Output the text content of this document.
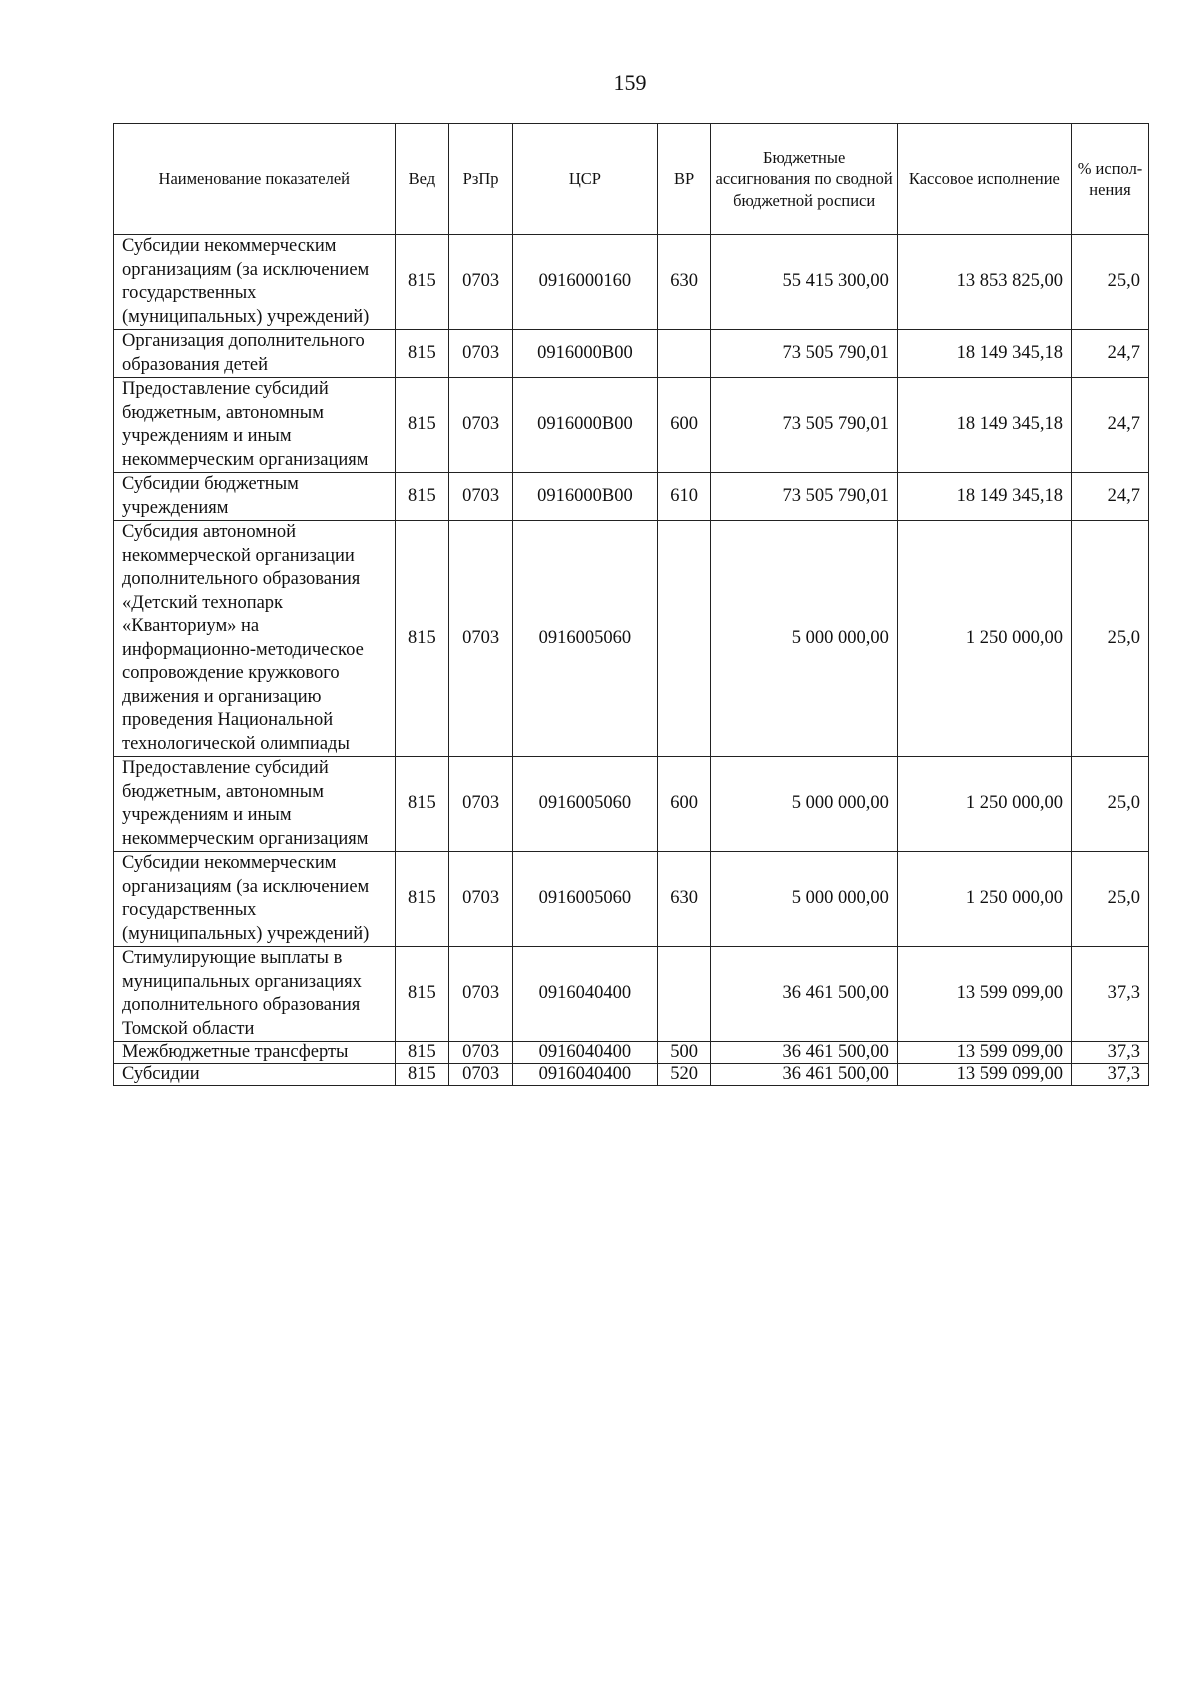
159
Наименование показателей	Вед	РзПр	ЦСР	ВР	Бюджетные ассигнования по сводной бюджетной росписи	Кассовое исполнение	% испол-нения
Субсидии некоммерческим организациям (за исключением государственных (муниципальных) учреждений)	815	0703	0916000160	630	55 415 300,00	13 853 825,00	25,0
Организация дополнительного образования детей	815	0703	0916000В00		73 505 790,01	18 149 345,18	24,7
Предоставление субсидий бюджетным, автономным учреждениям и иным некоммерческим организациям	815	0703	0916000В00	600	73 505 790,01	18 149 345,18	24,7
Субсидии бюджетным учреждениям	815	0703	0916000В00	610	73 505 790,01	18 149 345,18	24,7
Субсидия автономной некоммерческой организации дополнительного образования «Детский технопарк «Кванториум» на информационно-методическое сопровождение кружкового движения и организацию проведения Национальной технологической олимпиады	815	0703	0916005060		5 000 000,00	1 250 000,00	25,0
Предоставление субсидий бюджетным, автономным учреждениям и иным некоммерческим организациям	815	0703	0916005060	600	5 000 000,00	1 250 000,00	25,0
Субсидии некоммерческим организациям (за исключением государственных (муниципальных) учреждений)	815	0703	0916005060	630	5 000 000,00	1 250 000,00	25,0
Стимулирующие выплаты в муниципальных организациях дополнительного образования Томской области	815	0703	0916040400		36 461 500,00	13 599 099,00	37,3
Межбюджетные трансферты	815	0703	0916040400	500	36 461 500,00	13 599 099,00	37,3
Субсидии	815	0703	0916040400	520	36 461 500,00	13 599 099,00	37,3
